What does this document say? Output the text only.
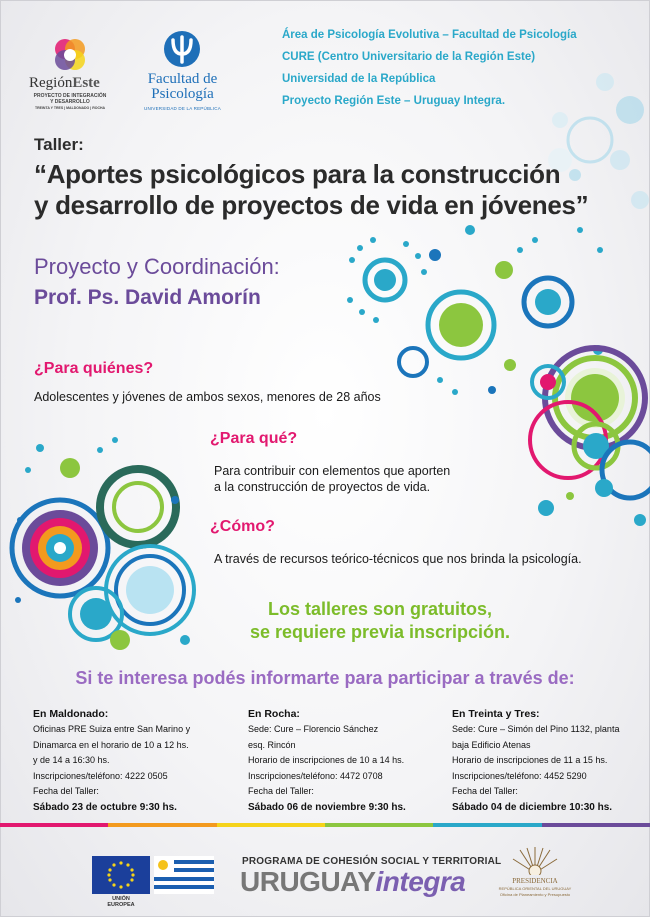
RegiónEste
PROYECTO DE INTEGRACIÓN
Y DESARROLLO
TREINTA Y TRES | MALDONADO | ROCHA
Facultad de
Psicología
UNIVERSIDAD DE LA REPÚBLICA
Área de Psicología Evolutiva – Facultad de Psicología
CURE (Centro Universitario de la Región Este)
Universidad de la República
Proyecto Región Este – Uruguay Integra.
Taller:
“Aportes psicológicos para la construcción
y desarrollo de proyectos de vida en jóvenes”
Proyecto y Coordinación:
Prof. Ps. David Amorín
¿Para quiénes?
Adolescentes y jóvenes de ambos sexos, menores de 28 años
¿Para qué?
Para contribuir con elementos que aporten
a la construcción de proyectos de vida.
¿Cómo?
A través de recursos teórico-técnicos que nos brinda la psicología.
Los talleres son gratuitos,
se requiere previa inscripción.
Si te interesa podés informarte para participar a través de:
En Maldonado:
Oficinas PRE Suiza entre San Marino y
Dinamarca en el horario de 10 a 12 hs.
y de 14 a 16:30 hs.
Inscripciones/teléfono: 4222 0505
Fecha del Taller:
Sábado 23 de octubre 9:30 hs.
En Rocha:
Sede: Cure – Florencio Sánchez
esq. Rincón
Horario de inscripciones de 10 a 14 hs.
Inscripciones/teléfono: 4472 0708
Fecha del Taller:
Sábado 06 de noviembre 9:30 hs.
En Treinta y Tres:
Sede: Cure – Simón del Pino 1132, planta
baja Edificio Atenas
Horario de inscripciones de 11 a 15 hs.
Inscripciones/teléfono: 4452 5290
Fecha del Taller:
Sábado 04 de diciembre 10:30 hs.
UNIÓN
EUROPEA
PROGRAMA DE COHESIÓN SOCIAL Y TERRITORIAL
URUGUAYintegra	PRESIDENCIA
REPÚBLICA ORIENTAL DEL URUGUAY
Oficina de Planeamiento y Presupuesto
